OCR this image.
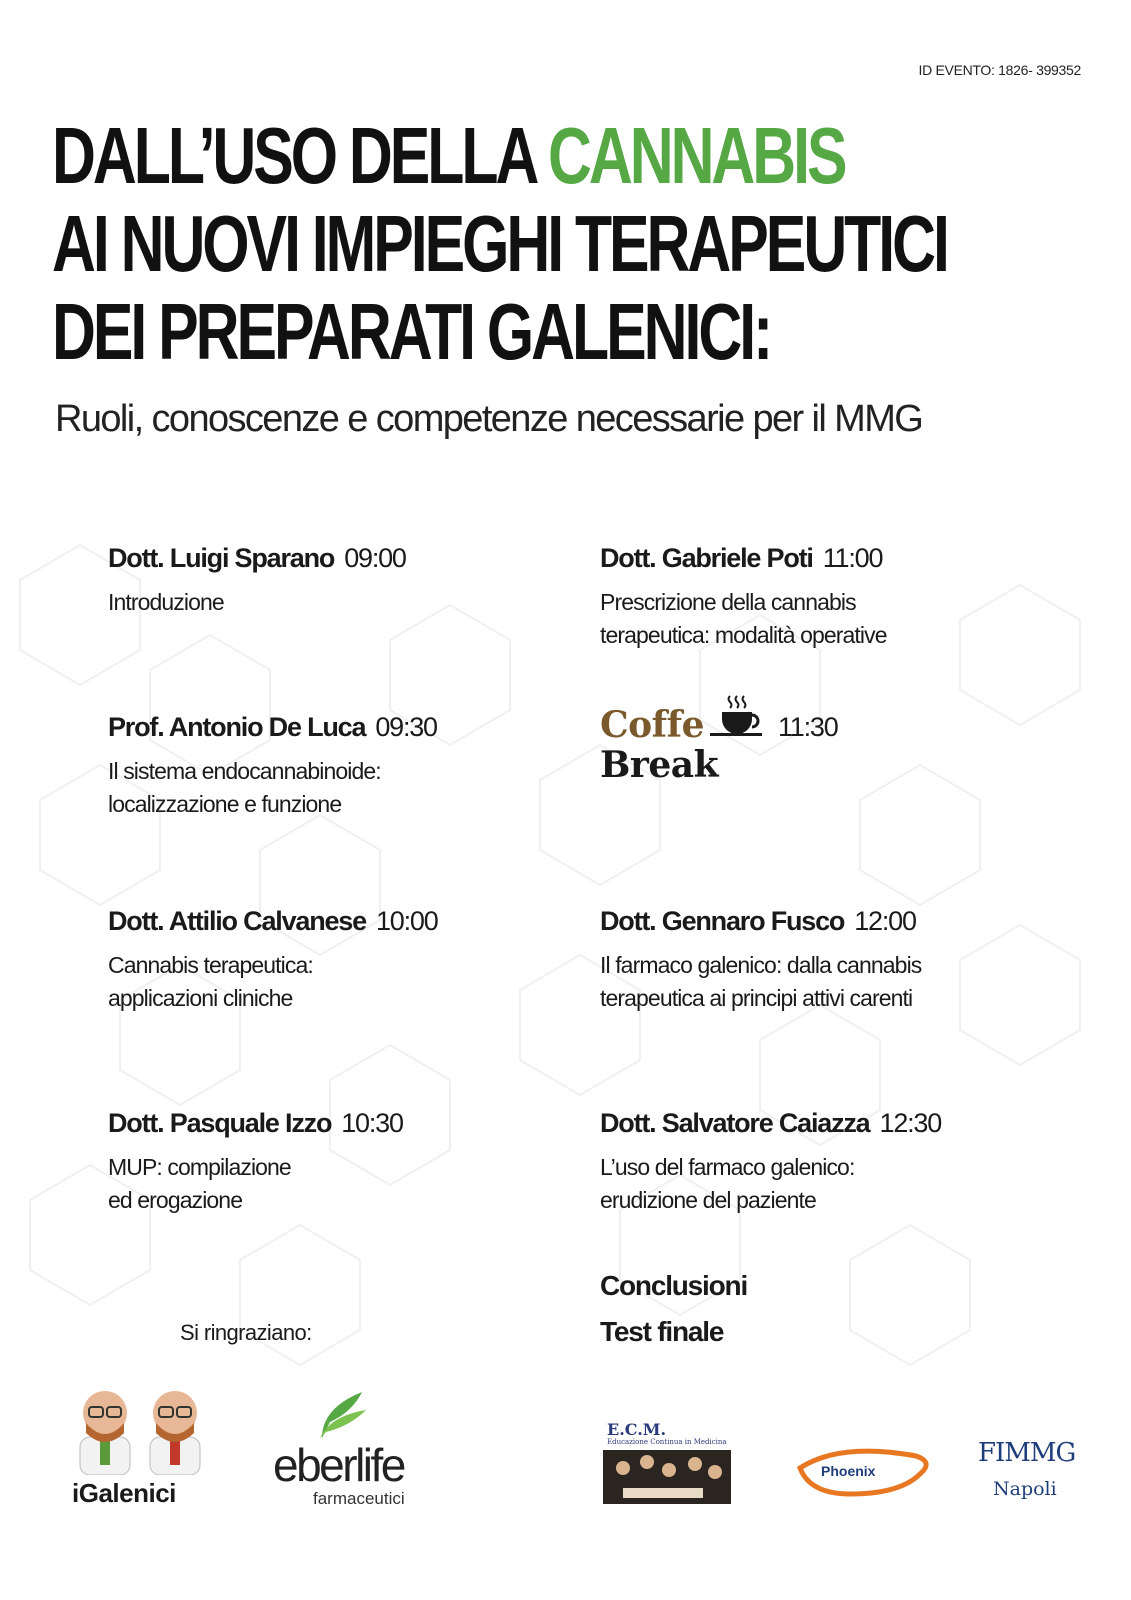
ID EVENTO: 1826- 399352
DALL’USO DELLA CANNABIS
AI NUOVI IMPIEGHI TERAPEUTICI
DEI PREPARATI GALENICI:
Ruoli, conoscenze e competenze necessarie per il MMG
Dott. Luigi Sparano 09:00
Introduzione
Prof. Antonio De Luca 09:30
Il sistema endocannabinoide:
localizzazione e funzione
Dott. Attilio Calvanese 10:00
Cannabis terapeutica:
applicazioni cliniche
Dott. Pasquale Izzo 10:30
MUP: compilazione
ed erogazione
Dott. Gabriele Poti 11:00
Prescrizione della cannabis
terapeutica: modalità operative
Coffe
Break
11:30
Dott. Gennaro Fusco 12:00
Il farmaco galenico: dalla cannabis
terapeutica ai principi attivi carenti
Dott. Salvatore Caiazza 12:30
L’uso del farmaco galenico:
erudizione del paziente
Conclusioni
Test finale
Si ringraziano:
iGalenici
eberlife
farmaceutici
E.C.M.
Educazione Continua in Medicina
Phoenix
FIMMG
Napoli
